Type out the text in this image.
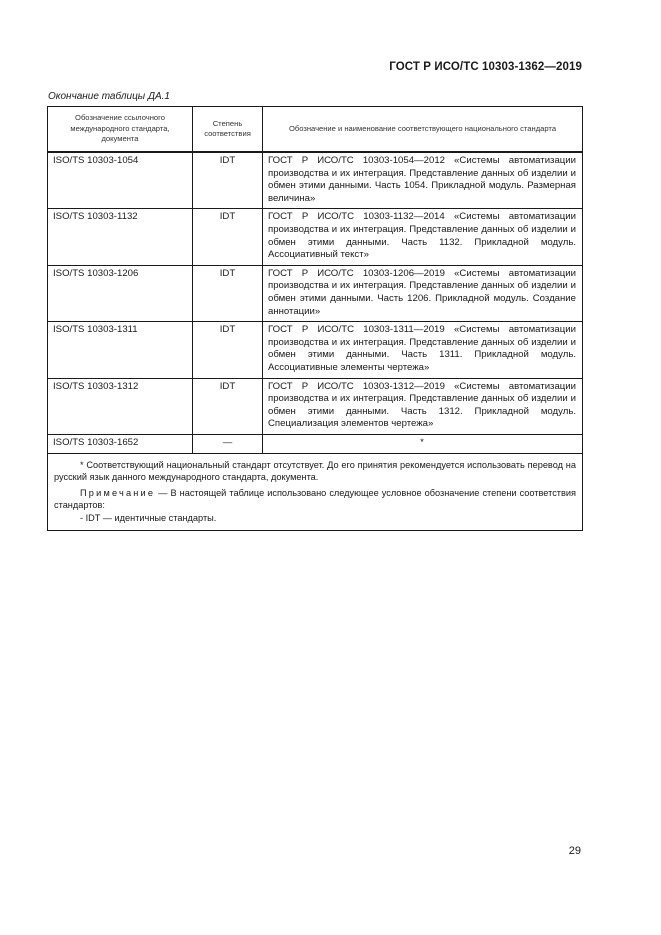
ГОСТ Р ИСО/ТС 10303-1362—2019
Окончание таблицы ДА.1
Обозначение ссылочного международного стандарта, документа	Степень соответствия	Обозначение и наименование соответствующего национального стандарта
ISO/TS 10303-1054	IDT	ГОСТ Р ИСО/ТС 10303-1054—2012 «Системы автоматизации производства и их интеграция. Представление данных об изделии и обмен этими данными. Часть 1054. Прикладной модуль. Размерная величина»
ISO/TS 10303-1132	IDT	ГОСТ Р ИСО/ТС 10303-1132—2014 «Системы автоматизации производства и их интеграция. Представление данных об изделии и обмен этими данными. Часть 1132. Прикладной модуль. Ассоциативный текст»
ISO/TS 10303-1206	IDT	ГОСТ Р ИСО/ТС 10303-1206—2019 «Системы автоматизации производства и их интеграция. Представление данных об изделии и обмен этими данными. Часть 1206. Прикладной модуль. Создание аннотации»
ISO/TS 10303-1311	IDT	ГОСТ Р ИСО/ТС 10303-1311—2019 «Системы автоматизации производства и их интеграция. Представление данных об изделии и обмен этими данными. Часть 1311. Прикладной модуль. Ассоциативные элементы чертежа»
ISO/TS 10303-1312	IDT	ГОСТ Р ИСО/ТС 10303-1312—2019 «Системы автоматизации производства и их интеграция. Представление данных об изделии и обмен этими данными. Часть 1312. Прикладной модуль. Специализация элементов чертежа»
ISO/TS 10303-1652	—	*

* Соответствующий национальный стандарт отсутствует. До его принятия рекомендуется использовать перевод на русский язык данного международного стандарта, документа.

Примечание — В настоящей таблице использовано следующее условное обозначение степени соответствия стандартов:

- IDT — идентичные стандарты.		

29
